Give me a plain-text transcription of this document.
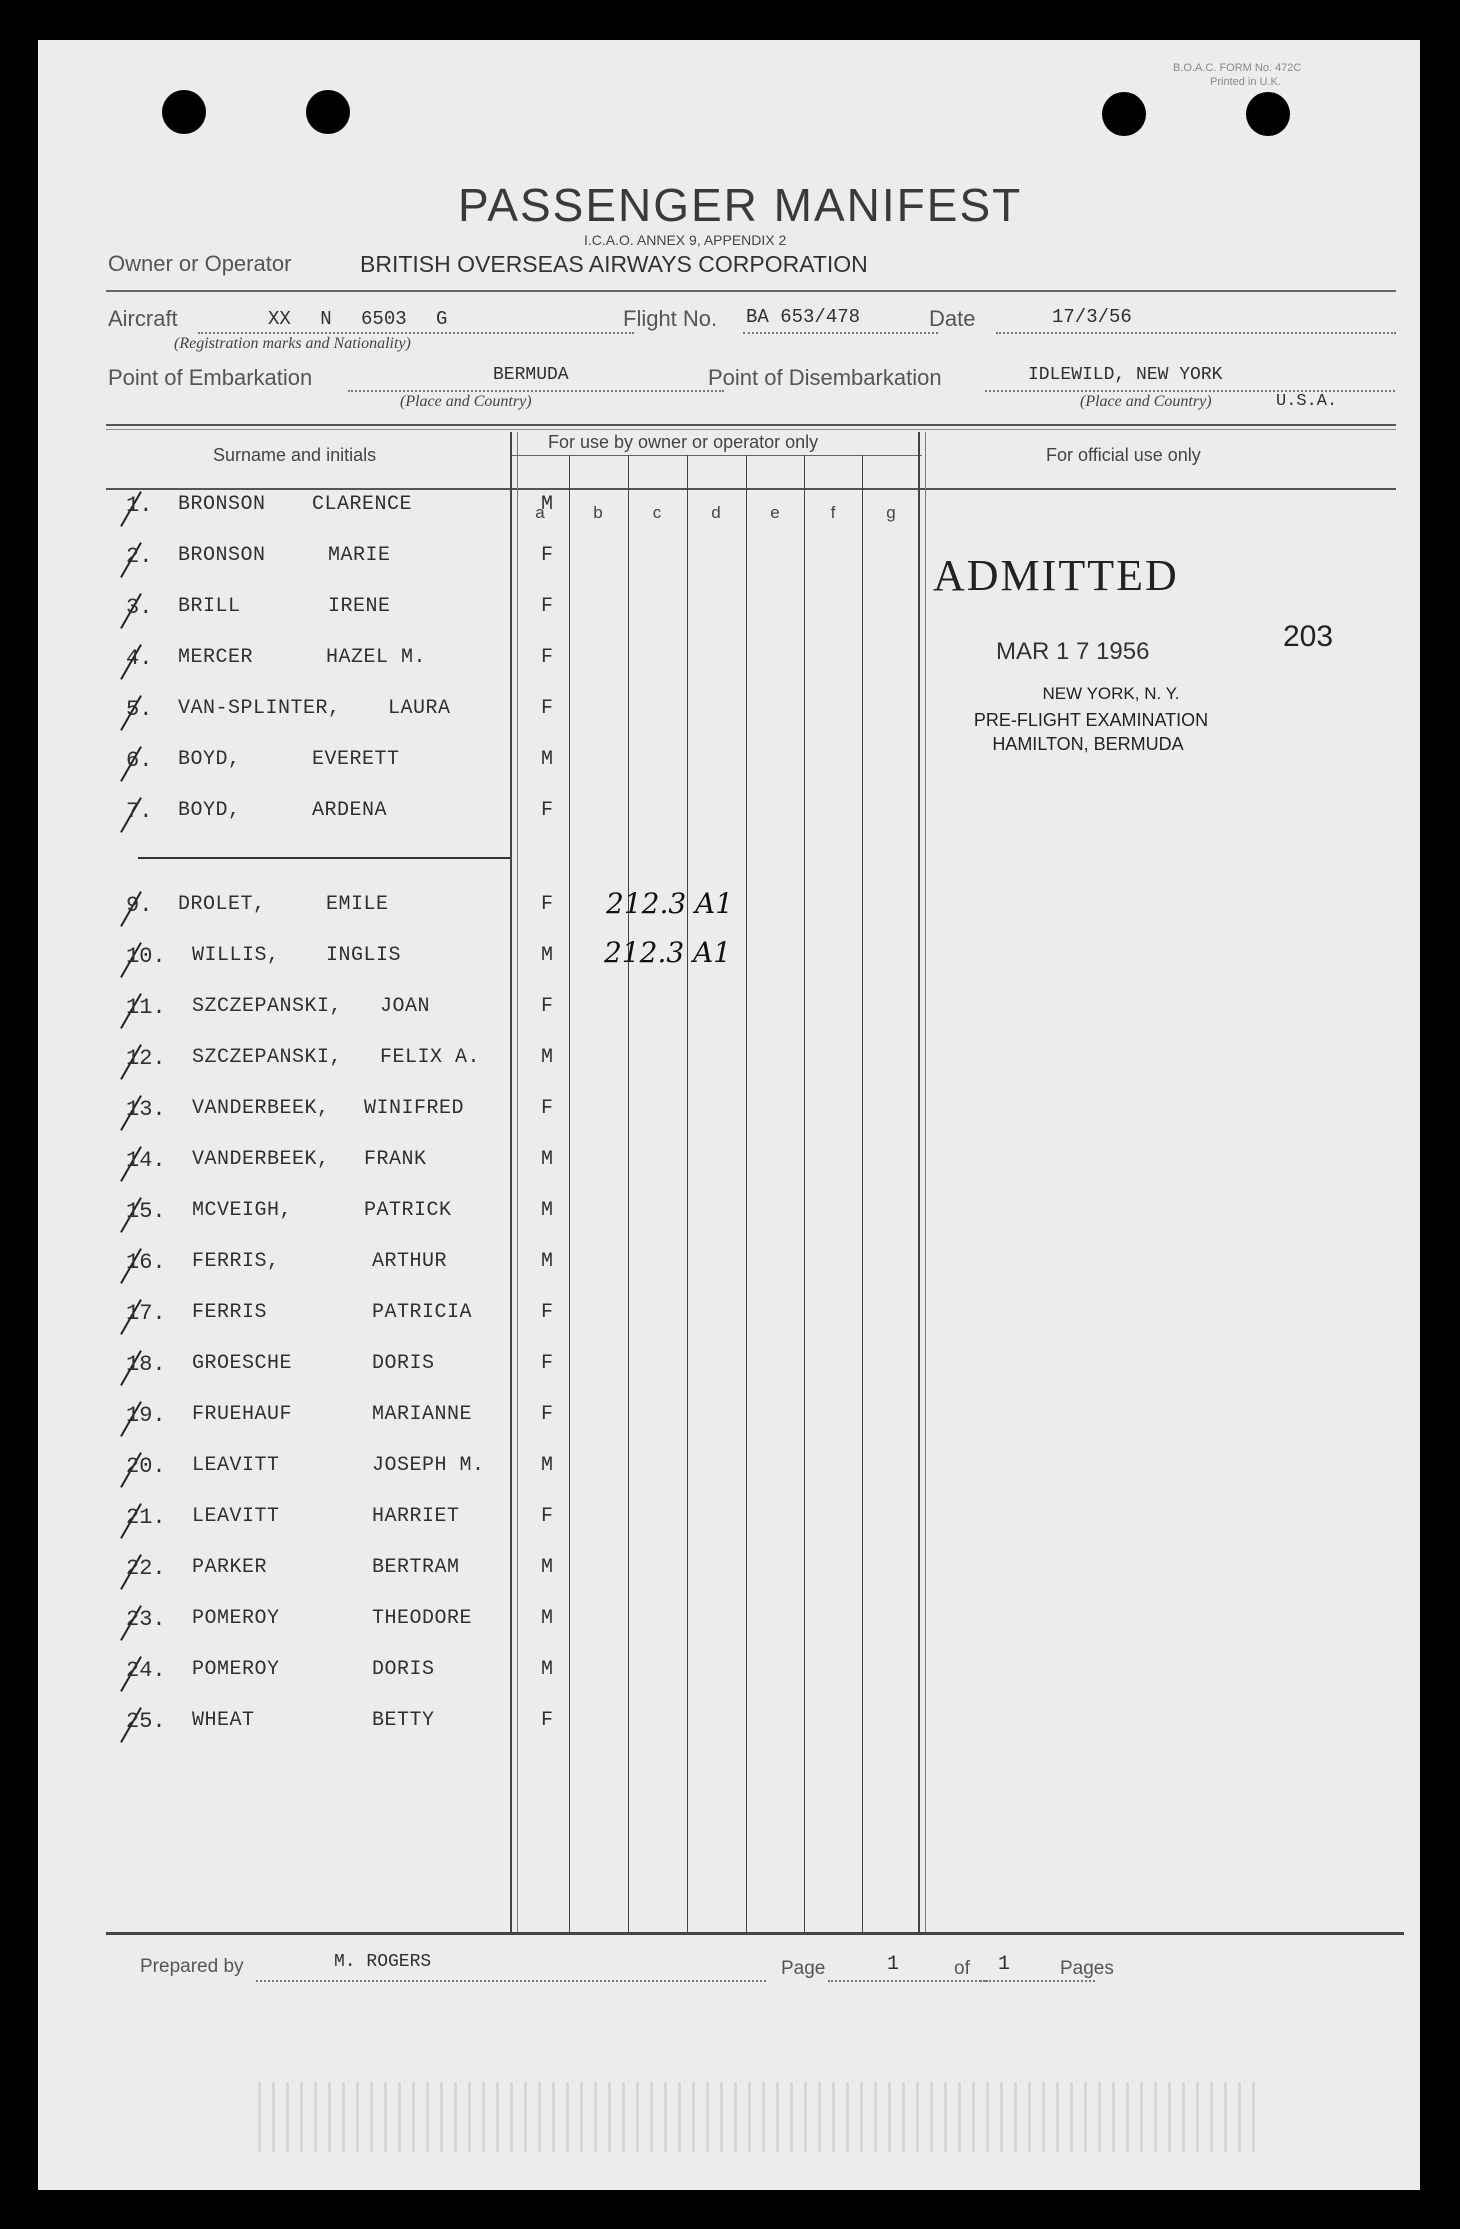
B.O.A.C. FORM No. 472C
Printed in U.K.
PASSENGER MANIFEST
I.C.A.O. ANNEX 9, APPENDIX 2
Owner or Operator	BRITISH OVERSEAS AIRWAYS CORPORATION
Aircraft	XX N 6503 G
(Registration marks and Nationality)
Flight No. BA 653/478	Date	17/3/56
Point of Embarkation	BERMUDA
(Place and Country)
Point of Disembarkation	IDLEWILD, NEW YORK
(Place and Country)	U.S.A.
Surname and initials
For use by owner or operator only
For official use only
a	b	c	d	e	f	g
1.	BRONSON CLARENCE	M
2.	BRONSON	MARIE	F
3.	BRILL	IRENE	F
4.	MERCER	HAZEL M.	F
5.	VAN-SPLINTER, LAURA	F
6.	BOYD,	EVERETT	M
7.	BOYD,	ARDENA	F
9.	DROLET,	EMILE	F	212.3 A1
10.	WILLIS, INGLIS	M	212.3 A1
11.	SZCZEPANSKI, JOAN	F
12.	SZCZEPANSKI, FELIX A.	M
13.	VANDERBEEK, WINIFRED	F
14.	VANDERBEEK, FRANK	M
15.	MCVEIGH,	PATRICK	M
16.	FERRIS,	ARTHUR	M
17.	FERRIS	PATRICIA	F
18.	GROESCHE	DORIS	F
19.	FRUEHAUF	MARIANNE	F
20.	LEAVITT	JOSEPH M.	M
21.	LEAVITT	HARRIET	F
22.	PARKER	BERTRAM	M
23.	POMEROY	THEODORE	M
24.	POMEROY	DORIS	M
25.	WHEAT	BETTY	F
ADMITTED
MAR 1 7 1956	203
NEW YORK, N. Y.
PRE-FLIGHT EXAMINATION
HAMILTON, BERMUDA
Prepared by	M. ROGERS	Page	1	of 1	Pages
